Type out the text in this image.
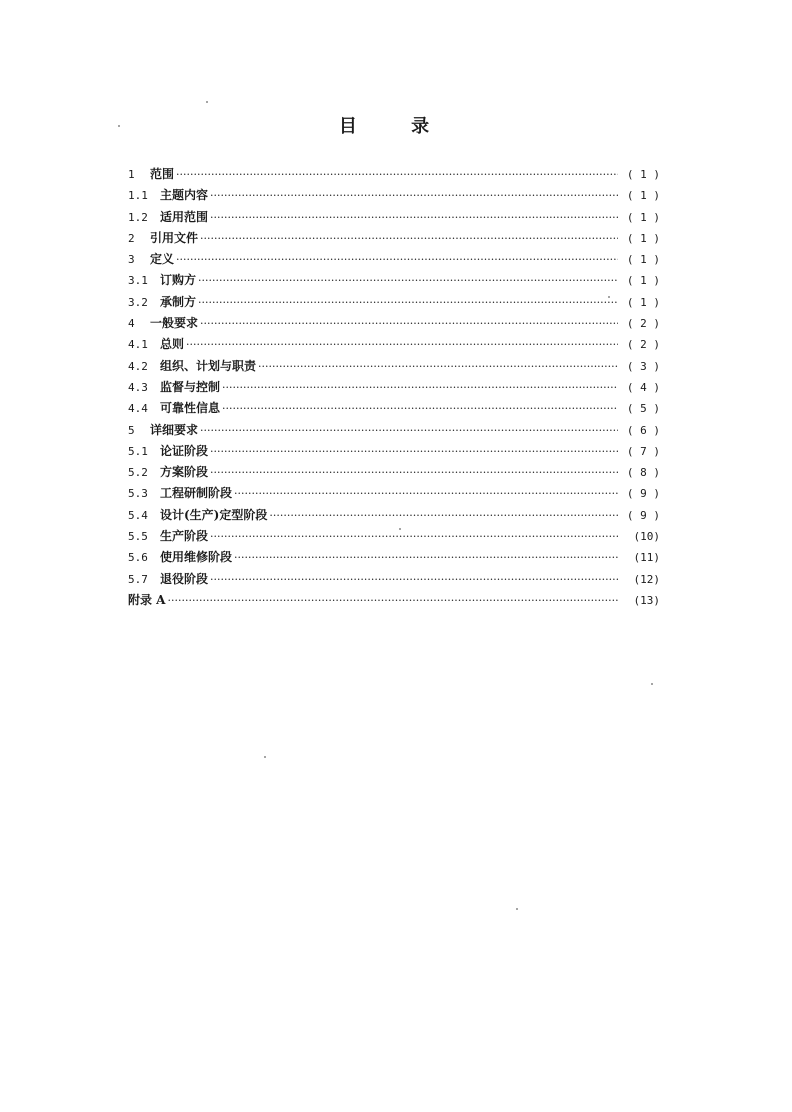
目 录
1	范围 ·····	( 1 )
1.1	主题内容 ·····	( 1 )
1.2	适用范围 ·····	( 1 )
2	引用文件 ·····	( 1 )
3	定义 ·····	( 1 )
3.1	订购方 ·····	( 1 )
3.2	承制方 ·····	( 1 )
4	一般要求 ·····	( 2 )
4.1	总则 ·····	( 2 )
4.2	组织、计划与职责 ·····	( 3 )
4.3	监督与控制 ·····	( 4 )
4.4	可靠性信息 ·····	( 5 )
5	详细要求 ·····	( 6 )
5.1	论证阶段 ·····	( 7 )
5.2	方案阶段 ·····	( 8 )
5.3	工程研制阶段 ·····	( 9 )
5.4	设计(生产)定型阶段 ·····	( 9 )
5.5	生产阶段 ·····	(10)
5.6	使用维修阶段 ·····	(11)
5.7	退役阶段 ·····	(12)
附录 A ·····	(13)
